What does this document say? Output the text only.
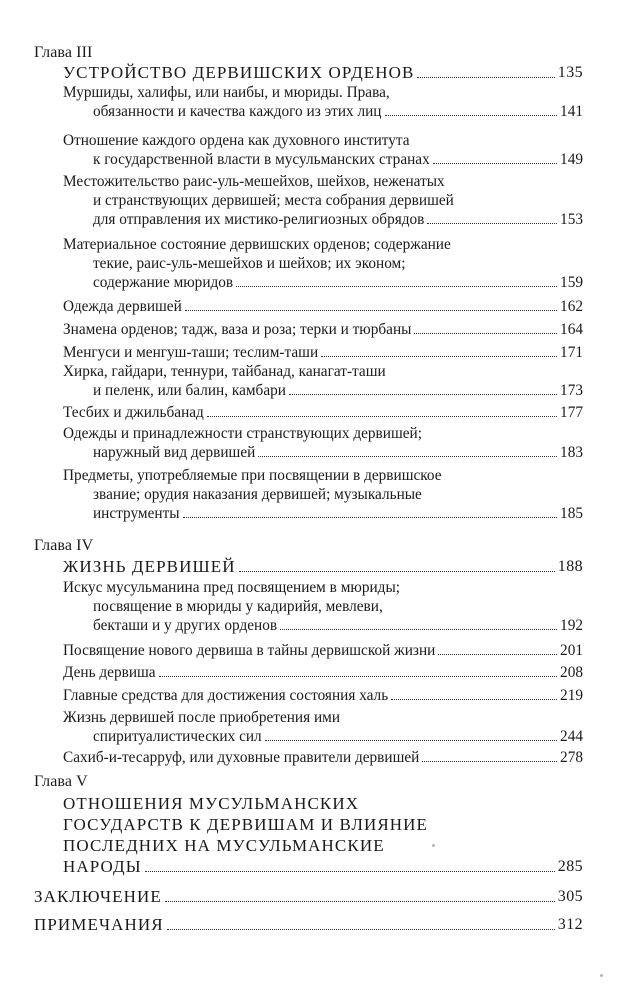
Глава III
УСТРОЙСТВО ДЕРВИШСКИХ ОРДЕНОВ	135
Муршиды, халифы, или наибы, и мюриды. Права,
обязанности и качества каждого из этих лиц	141
Отношение каждого ордена как духовного института
к государственной власти в мусульманских странах	149
Местожительство раис-уль-мешейхов, шейхов, неженатых
и странствующих дервишей; места собрания дервишей
для отправления их мистико-религиозных обрядов	153
Материальное состояние дервишских орденов; содержание
текие, раис-уль-мешейхов и шейхов; их эконом;
содержание мюридов	159
Одежда дервишей	162
Знамена орденов; тадж, ваза и роза; терки и тюрбаны	164
Менгуси и менгуш-таши; теслим-таши	171
Хирка, гайдари, теннури, тайбанад, канагат-таши
и пеленк, или балин, камбари	173
Тесбих и джильбанад	177
Одежды и принадлежности странствующих дервишей;
наружный вид дервишей	183
Предметы, употребляемые при посвящении в дервишское
звание; орудия наказания дервишей; музыкальные
инструменты	185
Глава IV
ЖИЗНЬ ДЕРВИШЕЙ	188
Искус мусульманина пред посвящением в мюриды;
посвящение в мюриды у кадирийя, мевлеви,
бекташи и у других орденов	192
Посвящение нового дервиша в тайны дервишской жизни	201
День дервиша	208
Главные средства для достижения состояния халь	219
Жизнь дервишей после приобретения ими
спиритуалистических сил	244
Сахиб-и-тесарруф, или духовные правители дервишей	278
Глава V
ОТНОШЕНИЯ МУСУЛЬМАНСКИХ
ГОСУДАРСТВ К ДЕРВИШАМ И ВЛИЯНИЕ
ПОСЛЕДНИХ НА МУСУЛЬМАНСКИЕ
НАРОДЫ	285
ЗАКЛЮЧЕНИЕ	305
ПРИМЕЧАНИЯ	312
